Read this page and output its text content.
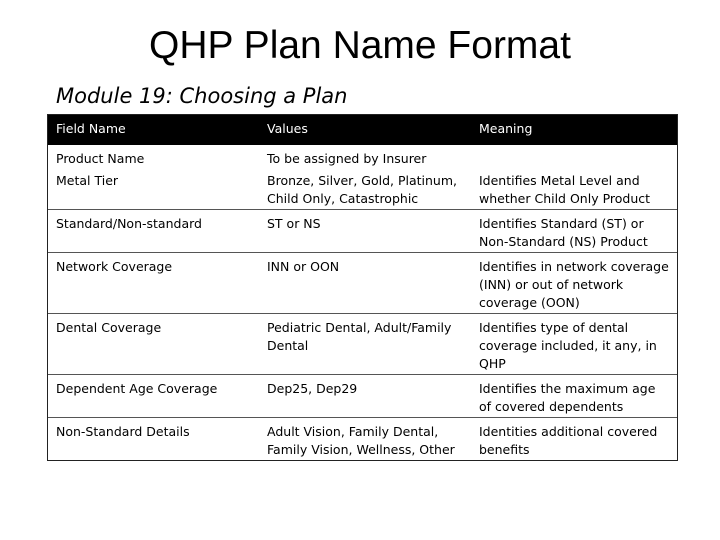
QHP Plan Name Format
Module 19: Choosing a Plan
Field Name	Values	Meaning
Product Name	To be assigned by Insurer	
Metal Tier	Bronze, Silver, Gold, Platinum, Child Only, Catastrophic	Identifies Metal Level and whether Child Only Product
Standard/Non-standard	ST or NS	Identifies Standard (ST) or Non-Standard (NS) Product
Network Coverage	INN or OON	Identifies in network coverage (INN) or out of network coverage (OON)
Dental Coverage	Pediatric Dental, Adult/Family Dental	Identifies type of dental coverage included, it any, in QHP
Dependent Age Coverage	Dep25, Dep29	Identifies the maximum age of covered dependents
Non-Standard Details	Adult Vision, Family Dental, Family Vision, Wellness, Other	Identities additional covered benefits
